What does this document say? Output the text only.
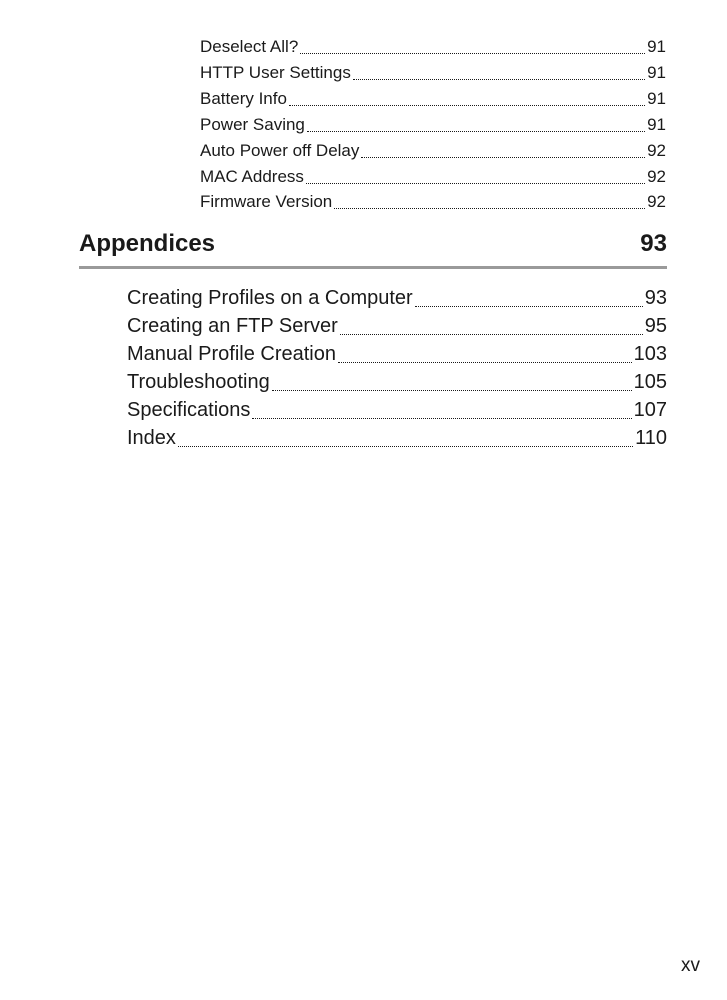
Deselect All?	91
HTTP User Settings	91
Battery Info	91
Power Saving	91
Auto Power off Delay	92
MAC Address	92
Firmware Version	92
Appendices	93
Creating Profiles on a Computer	93
Creating an FTP Server	95
Manual Profile Creation	103
Troubleshooting	105
Specifications	107
Index	110
xv
